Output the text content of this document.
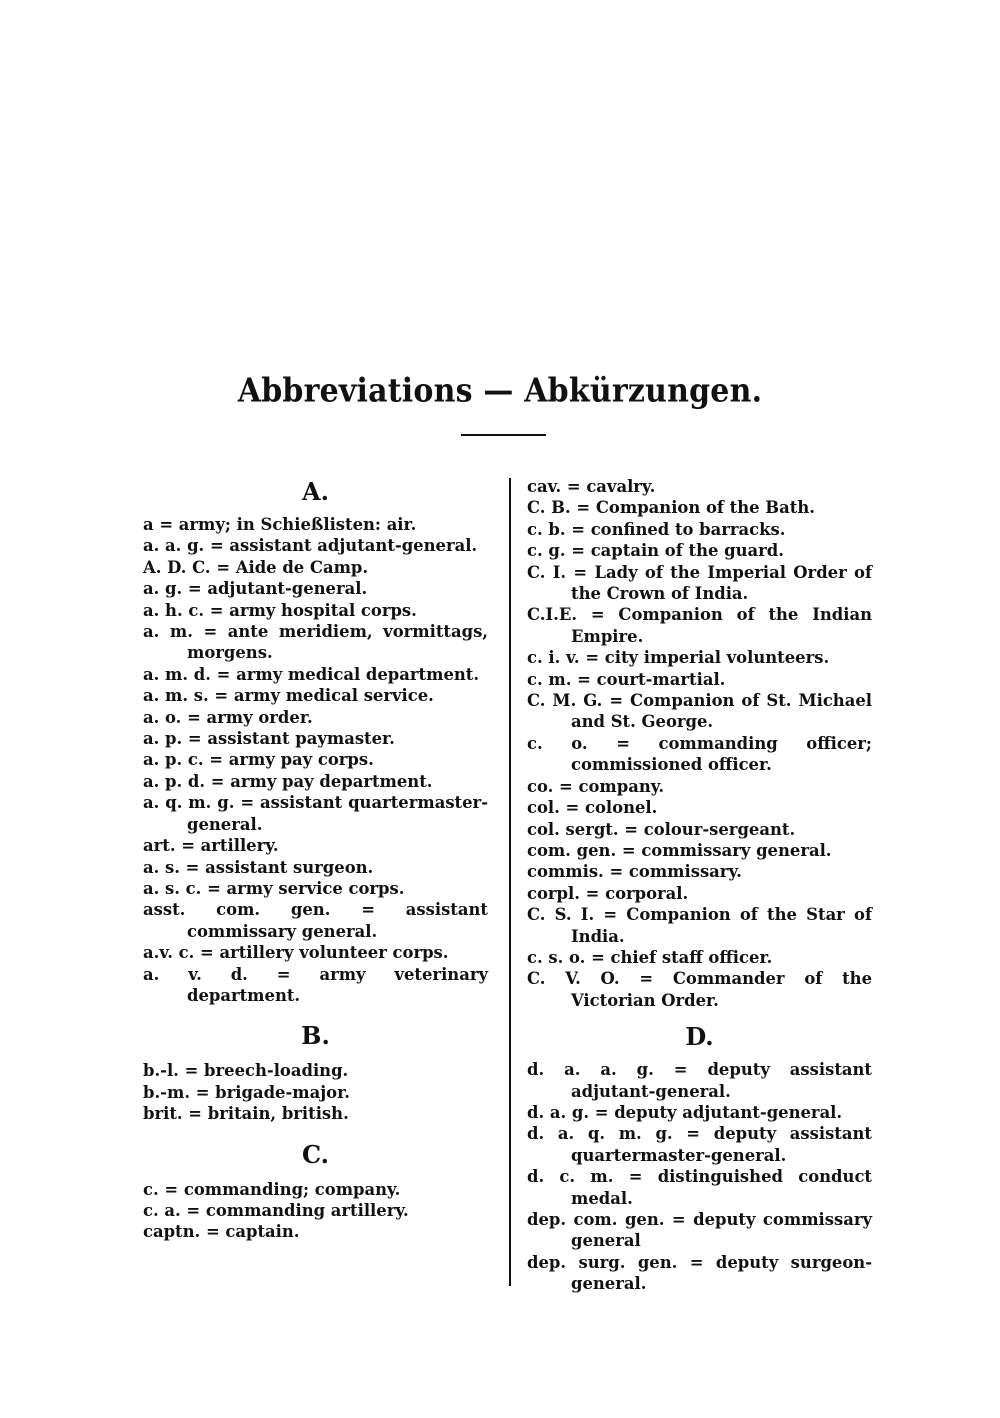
Abbreviations — Abkürzungen.
A.
a = army; in Schießlisten: air.
a. a. g. = assistant adjutant-general.
A. D. C. = Aide de Camp.
a. g. = adjutant-general.
a. h. c. = army hospital corps.
a. m. = ante meridiem, vormittags, morgens.
a. m. d. = army medical department.
a. m. s. = army medical service.
a. o. = army order.
a. p. = assistant paymaster.
a. p. c. = army pay corps.
a. p. d. = army pay department.
a. q. m. g. = assistant quartermaster-general.
art. = artillery.
a. s. = assistant surgeon.
a. s. c. = army service corps.
asst. com. gen. = assistant commissary general.
a.v. c. = artillery volunteer corps.
a. v. d. = army veterinary department.
B.
b.-l. = breech-loading.
b.-m. = brigade-major.
brit. = britain, british.
C.
c. = commanding; company.
c. a. = commanding artillery.
captn. = captain.
cav. = cavalry.
C. B. = Companion of the Bath.
c. b. = confined to barracks.
c. g. = captain of the guard.
C. I. = Lady of the Imperial Order of the Crown of India.
C.I.E. = Companion of the Indian Empire.
c. i. v. = city imperial volunteers.
c. m. = court-martial.
C. M. G. = Companion of St. Michael and St. George.
c. o. = commanding officer; commissioned officer.
co. = company.
col. = colonel.
col. sergt. = colour-sergeant.
com. gen. = commissary general.
commis. = commissary.
corpl. = corporal.
C. S. I. = Companion of the Star of India.
c. s. o. = chief staff officer.
C. V. O. = Commander of the Victorian Order.
D.
d. a. a. g. = deputy assistant adjutant-general.
d. a. g. = deputy adjutant-general.
d. a. q. m. g. = deputy assistant quartermaster-general.
d. c. m. = distinguished conduct medal.
dep. com. gen. = deputy commissary general
dep. surg. gen. = deputy surgeon-general.
